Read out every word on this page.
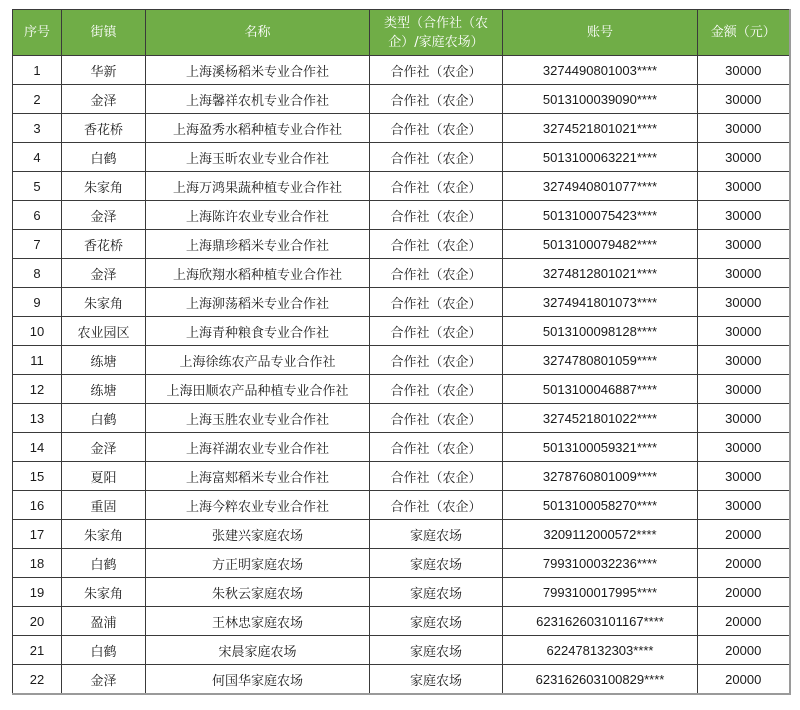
序号	街镇	名称	类型（合作社（农企）/家庭农场）	账号	金额（元）
1	华新	上海溪杨稻米专业合作社	合作社（农企）	3274490801003****	30000
2	金泽	上海馨祥农机专业合作社	合作社（农企）	5013100039090****	30000
3	香花桥	上海盈秀水稻种植专业合作社	合作社（农企）	3274521801021****	30000
4	白鹤	上海玉昕农业专业合作社	合作社（农企）	5013100063221****	30000
5	朱家角	上海万鸿果蔬种植专业合作社	合作社（农企）	3274940801077****	30000
6	金泽	上海陈许农业专业合作社	合作社（农企）	5013100075423****	30000
7	香花桥	上海鼎珍稻米专业合作社	合作社（农企）	5013100079482****	30000
8	金泽	上海欣翔水稻种植专业合作社	合作社（农企）	3274812801021****	30000
9	朱家角	上海泖荡稻米专业合作社	合作社（农企）	3274941801073****	30000
10	农业园区	上海青种粮食专业合作社	合作社（农企）	5013100098128****	30000
11	练塘	上海徐练农产品专业合作社	合作社（农企）	3274780801059****	30000
12	练塘	上海田顺农产品种植专业合作社	合作社（农企）	5013100046887****	30000
13	白鹤	上海玉胜农业专业合作社	合作社（农企）	3274521801022****	30000
14	金泽	上海祥湖农业专业合作社	合作社（农企）	5013100059321****	30000
15	夏阳	上海富郏稻米专业合作社	合作社（农企）	3278760801009****	30000
16	重固	上海今粹农业专业合作社	合作社（农企）	5013100058270****	30000
17	朱家角	张建兴家庭农场	家庭农场	3209112000572****	20000
18	白鹤	方正明家庭农场	家庭农场	7993100032236****	20000
19	朱家角	朱秋云家庭农场	家庭农场	7993100017995****	20000
20	盈浦	王林忠家庭农场	家庭农场	623162603101167****	20000
21	白鹤	宋晨家庭农场	家庭农场	622478132303****	20000
22	金泽	何国华家庭农场	家庭农场	623162603100829****	20000
